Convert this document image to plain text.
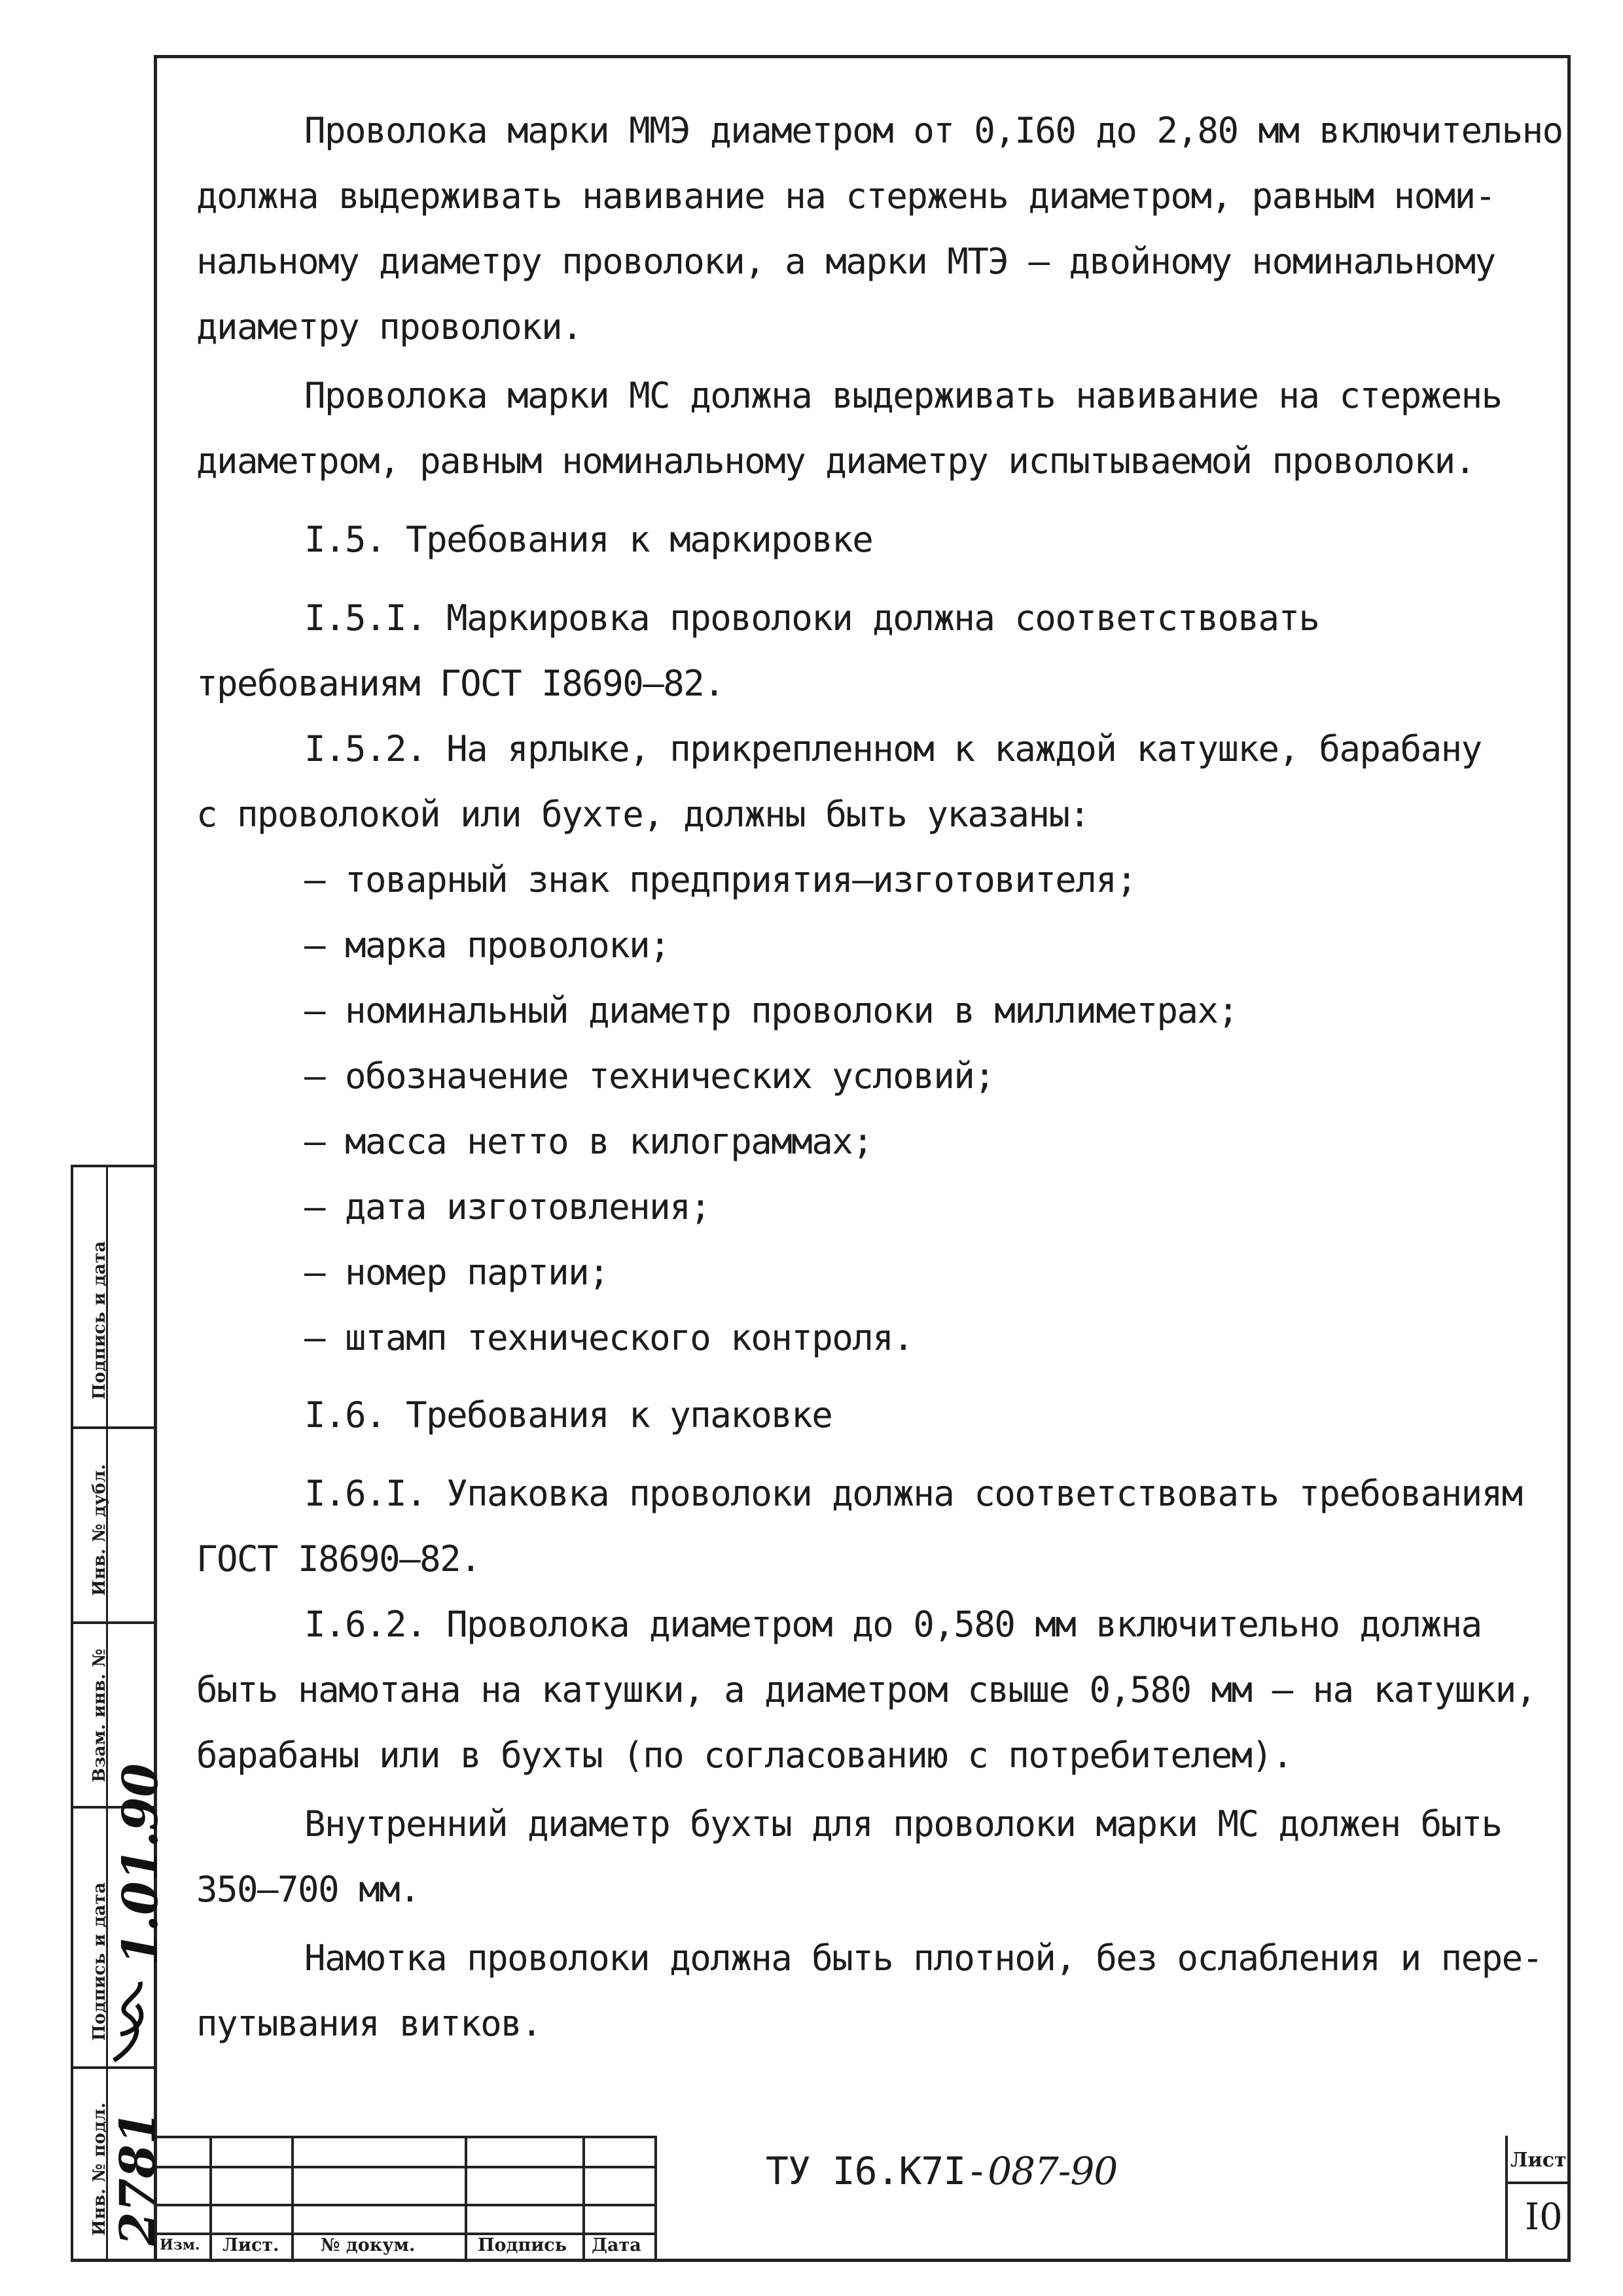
Проволока марки ММЭ диаметром от 0,I60 до 2,80 мм включительно
должна выдерживать навивание на стержень диаметром, равным номи-
нальному диаметру проволоки, а марки МТЭ – двойному номинальному
диаметру проволоки.
Проволока марки МС должна выдерживать навивание на стержень
диаметром, равным номинальному диаметру испытываемой проволоки.
I.5. Требования к маркировке
I.5.I. Маркировка проволоки должна соответствовать
требованиям ГОСТ I8690–82.
I.5.2. На ярлыке, прикрепленном к каждой катушке, барабану
с проволокой или бухте, должны быть указаны:
– товарный знак предприятия–изготовителя;
– марка проволоки;
– номинальный диаметр проволоки в миллиметрах;
– обозначение технических условий;
– масса нетто в килограммах;
– дата изготовления;
– номер партии;
– штамп технического контроля.
I.6. Требования к упаковке
I.6.I. Упаковка проволоки должна соответствовать требованиям
ГОСТ I8690–82.
I.6.2. Проволока диаметром до 0,580 мм включительно должна
быть намотана на катушки, а диаметром свыше 0,580 мм – на катушки,
барабаны или в бухты (по согласованию с потребителем).
Внутренний диаметр бухты для проволоки марки МС должен быть
350–700 мм.
Намотка проволоки должна быть плотной, без ослабления и пере-
путывания витков.
Подпись и дата
Инв. № дубл.
Взам. инв. №
Подпись и дата 1.01.90
Инв. № подл. 2781
Изм. Лист. № докум.	Подпись Дата
ТУ I6.К7I-087-90	Лист
I0
